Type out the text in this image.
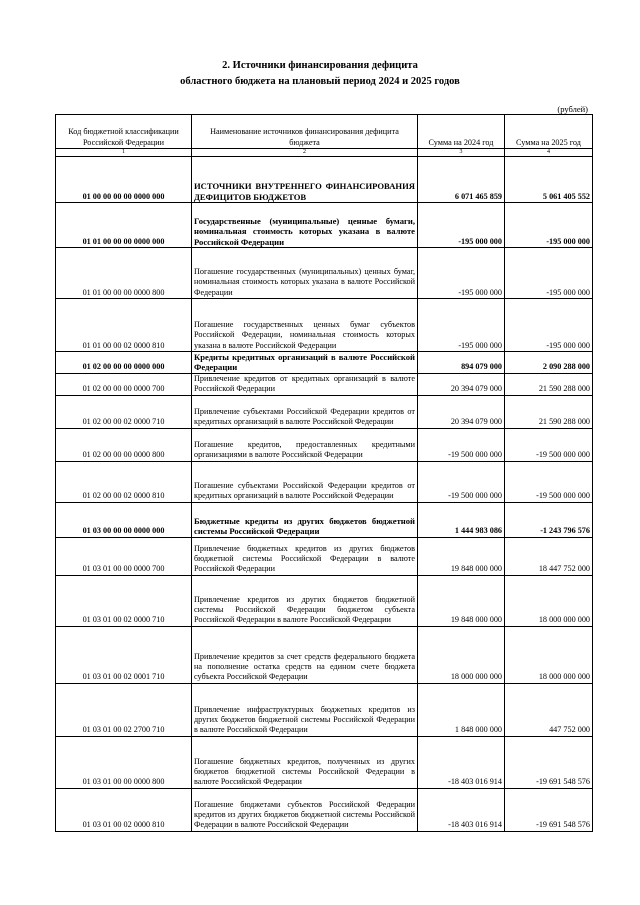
2. Источники финансирования дефицита
областного бюджета на плановый период 2024 и 2025 годов
(рублей)
Код бюджетной классификации Российской Федерации	Наименование источников финансирования дефицита бюджета	Сумма на 2024 год	Сумма на 2025 год
1	2	3	4
01 00 00 00 00 0000 000	ИСТОЧНИКИ ВНУТРЕННЕГО ФИНАНСИРОВАНИЯ ДЕФИЦИТОВ БЮДЖЕТОВ	6 071 465 859	5 061 405 552
01 01 00 00 00 0000 000	Государственные (муниципальные) ценные бумаги, номинальная стоимость которых указана в валюте Российской Федерации	-195 000 000	-195 000 000
01 01 00 00 00 0000 800	Погашение государственных (муниципальных) ценных бумаг, номинальная стоимость которых указана в валюте Российской Федерации	-195 000 000	-195 000 000
01 01 00 00 02 0000 810	Погашение государственных ценных бумаг субъектов Российской Федерации, номинальная стоимость которых указана в валюте Российской Федерации	-195 000 000	-195 000 000
01 02 00 00 00 0000 000	Кредиты кредитных организаций в валюте Российской Федерации	894 079 000	2 090 288 000
01 02 00 00 00 0000 700	Привлечение кредитов от кредитных организаций в валюте Российской Федерации	20 394 079 000	21 590 288 000
01 02 00 00 02 0000 710	Привлечение субъектами Российской Федерации кредитов от кредитных организаций в валюте Российской Федерации	20 394 079 000	21 590 288 000
01 02 00 00 00 0000 800	Погашение кредитов, предоставленных кредитными организациями в валюте Российской Федерации	-19 500 000 000	-19 500 000 000
01 02 00 00 02 0000 810	Погашение субъектами Российской Федерации кредитов от кредитных организаций в валюте Российской Федерации	-19 500 000 000	-19 500 000 000
01 03 00 00 00 0000 000	Бюджетные кредиты из других бюджетов бюджетной системы Российской Федерации	1 444 983 086	-1 243 796 576
01 03 01 00 00 0000 700	Привлечение бюджетных кредитов из других бюджетов бюджетной системы Российской Федерации в валюте Российской Федерации	19 848 000 000	18 447 752 000
01 03 01 00 02 0000 710	Привлечение кредитов из других бюджетов бюджетной системы Российской Федерации бюджетом субъекта Российской Федерации в валюте Российской Федерации	19 848 000 000	18 000 000 000
01 03 01 00 02 0001 710	Привлечение кредитов за счет средств федерального бюджета на пополнение остатка средств на едином счете бюджета субъекта Российской Федерации	18 000 000 000	18 000 000 000
01 03 01 00 02 2700 710	Привлечение инфраструктурных бюджетных кредитов из других бюджетов бюджетной системы Российской Федерации в валюте Российской Федерации	1 848 000 000	447 752 000
01 03 01 00 00 0000 800	Погашение бюджетных кредитов, полученных из других бюджетов бюджетной системы Российской Федерации в валюте Российской Федерации	-18 403 016 914	-19 691 548 576
01 03 01 00 02 0000 810	Погашение бюджетами субъектов Российской Федерации кредитов из других бюджетов бюджетной системы Российской Федерации в валюте Российской Федерации	-18 403 016 914	-19 691 548 576
